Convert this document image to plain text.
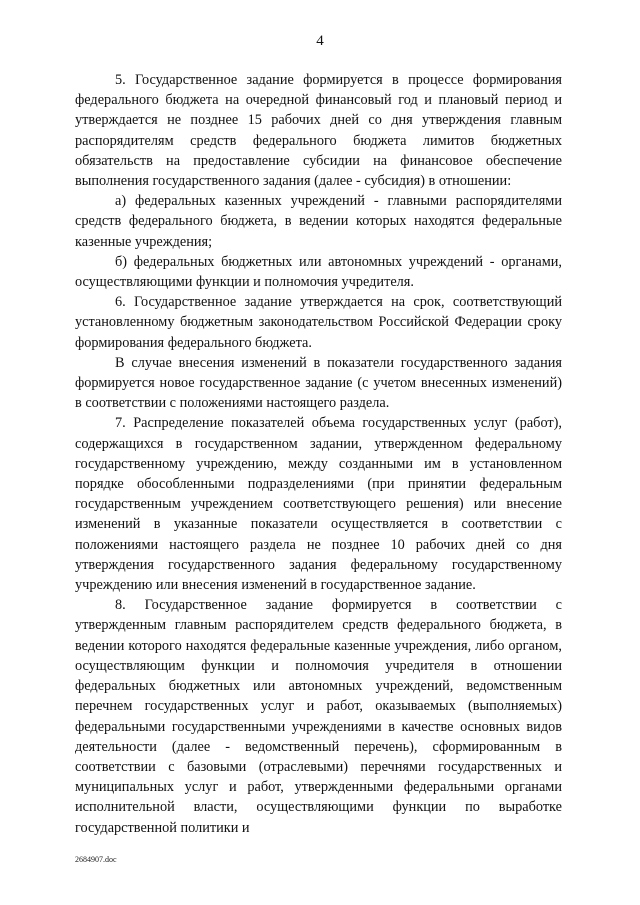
4

5. Государственное задание формируется в процессе формирования федерального бюджета на очередной финансовый год и плановый период и утверждается не позднее 15 рабочих дней со дня утверждения главным распорядителям средств федерального бюджета лимитов бюджетных обязательств на предоставление субсидии на финансовое обеспечение выполнения государственного задания (далее - субсидия) в отношении:

а) федеральных казенных учреждений - главными распорядителями средств федерального бюджета, в ведении которых находятся федеральные казенные учреждения;

б) федеральных бюджетных или автономных учреждений - органами, осуществляющими функции и полномочия учредителя.

6. Государственное задание утверждается на срок, соответствующий установленному бюджетным законодательством Российской Федерации сроку формирования федерального бюджета.

В случае внесения изменений в показатели государственного задания формируется новое государственное задание (с учетом внесенных изменений) в соответствии с положениями настоящего раздела.

7. Распределение показателей объема государственных услуг (работ), содержащихся в государственном задании, утвержденном федеральному государственному учреждению, между созданными им в установленном порядке обособленными подразделениями (при принятии федеральным государственным учреждением соответствующего решения) или внесение изменений в указанные показатели осуществляется в соответствии с положениями настоящего раздела не позднее 10 рабочих дней со дня утверждения государственного задания федеральному государственному учреждению или внесения изменений в государственное задание.

8. Государственное задание формируется в соответствии с утвержденным главным распорядителем средств федерального бюджета, в ведении которого находятся федеральные казенные учреждения, либо органом, осуществляющим функции и полномочия учредителя в отношении федеральных бюджетных или автономных учреждений, ведомственным перечнем государственных услуг и работ, оказываемых (выполняемых) федеральными государственными учреждениями в качестве основных видов деятельности (далее - ведомственный перечень), сформированным в соответствии с базовыми (отраслевыми) перечнями государственных и муниципальных услуг и работ, утвержденными федеральными органами исполнительной власти, осуществляющими функции по выработке государственной политики и

2684907.doc
